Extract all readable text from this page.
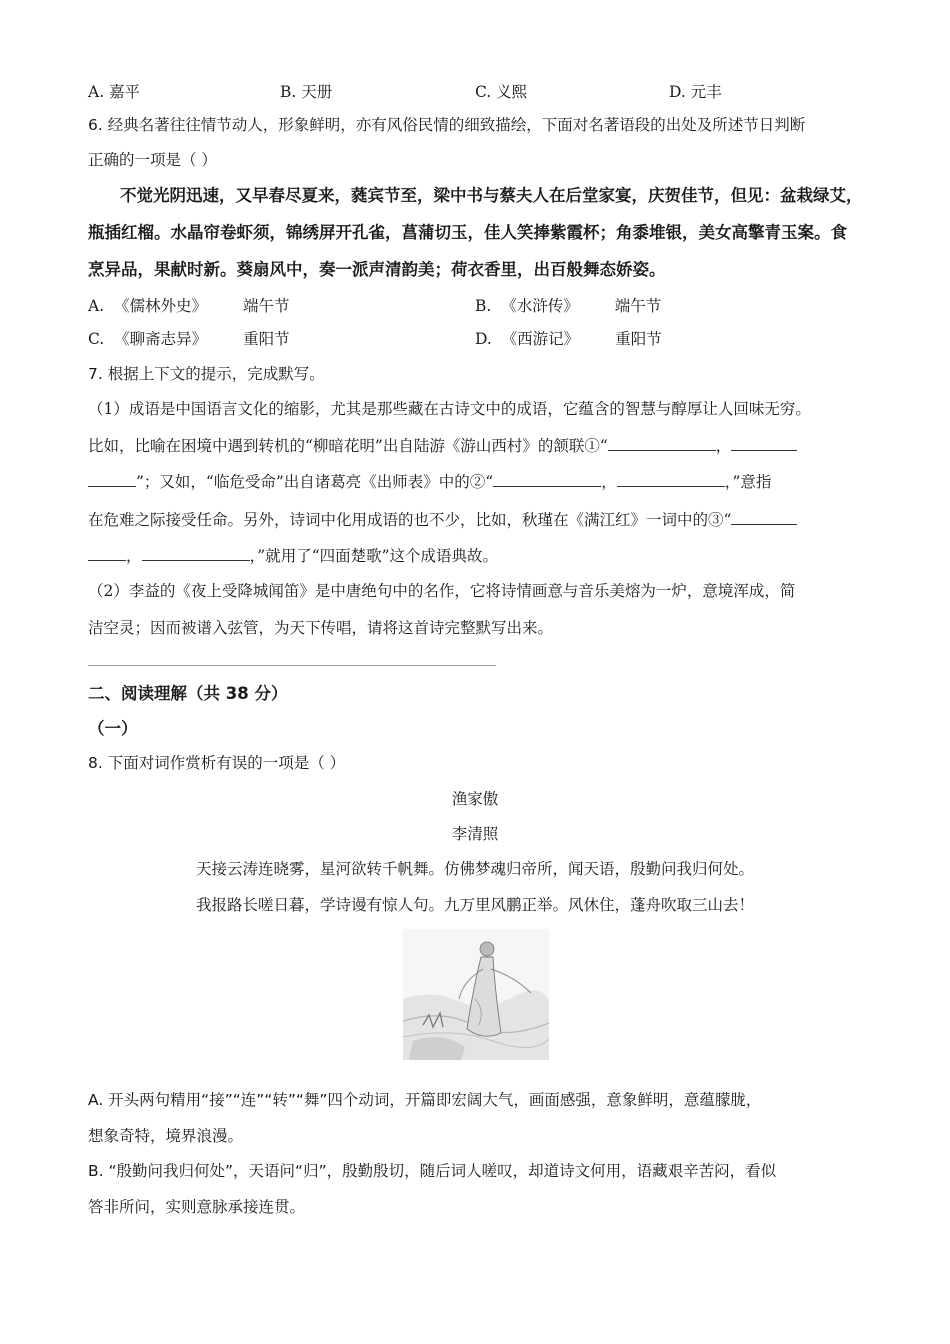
A. 嘉平	B. 天册	C. 义熙	D. 元丰
6. 经典名著往往情节动人，形象鲜明，亦有风俗民情的细致描绘，下面对名著语段的出处及所述节日判断
正确的一项是（ ）
不觉光阴迅速，又早春尽夏来，蕤宾节至，梁中书与蔡夫人在后堂家宴，庆贺佳节，但见：盆栽绿艾，
瓶插红榴。水晶帘卷虾须，锦绣屏开孔雀，菖蒲切玉，佳人笑捧紫霞杯；角黍堆银，美女高擎青玉案。食
烹异品，果献时新。葵扇风中，奏一派声清韵美；荷衣香里，出百般舞态娇姿。
A. 《儒林外史》 端午节	B. 《水浒传》 端午节
C. 《聊斋志异》 重阳节	D. 《西游记》 重阳节
7. 根据上下文的提示，完成默写。
（1）成语是中国语言文化的缩影，尤其是那些藏在古诗文中的成语，它蕴含的智慧与醇厚让人回味无穷。
比如，比喻在困境中遇到转机的“柳暗花明”出自陆游《游山西村》的颔联①“	，
”；又如，“临危受命”出自诸葛亮《出师表》中的②“	，	，”意指
在危难之际接受任命。另外，诗词中化用成语的也不少，比如，秋瑾在《满江红》一词中的③“
，	，”就用了“四面楚歌”这个成语典故。
（2）李益的《夜上受降城闻笛》是中唐绝句中的名作，它将诗情画意与音乐美熔为一炉，意境浑成，简
洁空灵；因而被谱入弦管，为天下传唱，请将这首诗完整默写出来。
二、阅读理解（共 38 分）
（一）
8. 下面对词作赏析有误的一项是（ ）
渔家傲
李清照
天接云涛连晓雾，星河欲转千帆舞。仿佛梦魂归帝所，闻天语，殷勤问我归何处。
我报路长嗟日暮，学诗谩有惊人句。九万里风鹏正举。风休住，蓬舟吹取三山去！
A. 开头两句精用“接”“连”“转”“舞”四个动词，开篇即宏阔大气，画面感强，意象鲜明，意蕴朦胧，
想象奇特，境界浪漫。
B. “殷勤问我归何处”，天语问“归”，殷勤殷切，随后词人嗟叹，却道诗文何用，语藏艰辛苦闷，看似
答非所问，实则意脉承接连贯。
